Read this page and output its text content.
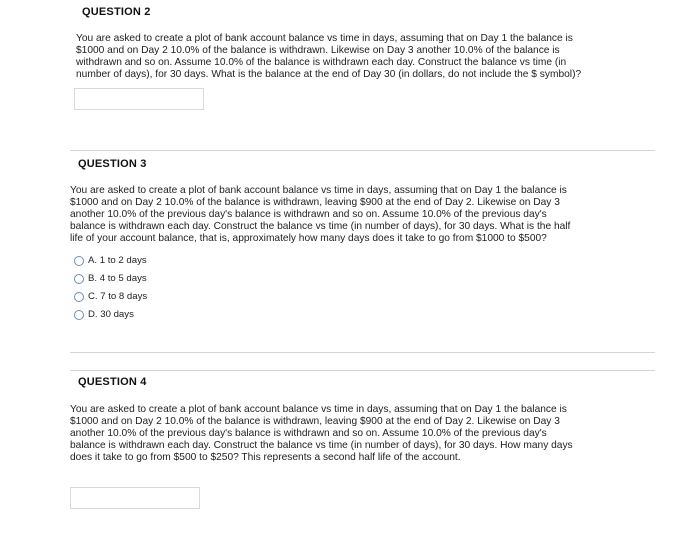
QUESTION 2
You are asked to create a plot of bank account balance vs time in days, assuming that on Day 1 the balance is
$1000 and on Day 2 10.0% of the balance is withdrawn. Likewise on Day 3 another 10.0% of the balance is
withdrawn and so on. Assume 10.0% of the balance is withdrawn each day. Construct the balance vs time (in
number of days), for 30 days. What is the balance at the end of Day 30 (in dollars, do not include the $ symbol)?
QUESTION 3
You are asked to create a plot of bank account balance vs time in days, assuming that on Day 1 the balance is
$1000 and on Day 2 10.0% of the balance is withdrawn, leaving $900 at the end of Day 2. Likewise on Day 3
another 10.0% of the previous day's balance is withdrawn and so on. Assume 10.0% of the previous day's
balance is withdrawn each day. Construct the balance vs time (in number of days), for 30 days. What is the half
life of your account balance, that is, approximately how many days does it take to go from $1000 to $500?
A. 1 to 2 days
B. 4 to 5 days
C. 7 to 8 days
D. 30 days
QUESTION 4
You are asked to create a plot of bank account balance vs time in days, assuming that on Day 1 the balance is
$1000 and on Day 2 10.0% of the balance is withdrawn, leaving $900 at the end of Day 2. Likewise on Day 3
another 10.0% of the previous day's balance is withdrawn and so on. Assume 10.0% of the previous day's
balance is withdrawn each day. Construct the balance vs time (in number of days), for 30 days. How many days
does it take to go from $500 to $250? This represents a second half life of the account.
